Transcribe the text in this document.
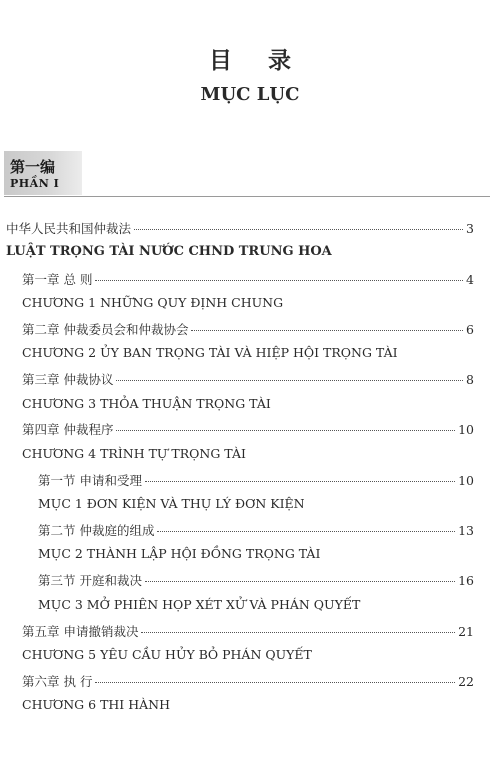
目 录
MỤC LỤC
第一编
PHẦN I
中华人民共和国仲裁法	3
LUẬT TRỌNG TÀI NƯỚC CHND TRUNG HOA
第一章 总 则	4
CHƯƠNG 1 NHỮNG QUY ĐỊNH CHUNG
第二章 仲裁委员会和仲裁协会	6
CHƯƠNG 2 ỦY BAN TRỌNG TÀI VÀ HIỆP HỘI TRỌNG TÀI
第三章 仲裁协议	8
CHƯƠNG 3 THỎA THUẬN TRỌNG TÀI
第四章 仲裁程序	10
CHƯƠNG 4 TRÌNH TỰ TRỌNG TÀI
第一节 申请和受理	10
MỤC 1 ĐƠN KIỆN VÀ THỤ LÝ ĐƠN KIỆN
第二节 仲裁庭的组成	13
MỤC 2 THÀNH LẬP HỘI ĐỒNG TRỌNG TÀI
第三节 开庭和裁决	16
MỤC 3 MỞ PHIÊN HỌP XÉT XỬ VÀ PHÁN QUYẾT
第五章 申请撤销裁决	21
CHƯƠNG 5 YÊU CẦU HỦY BỎ PHÁN QUYẾT
第六章 执 行	22
CHƯƠNG 6 THI HÀNH
